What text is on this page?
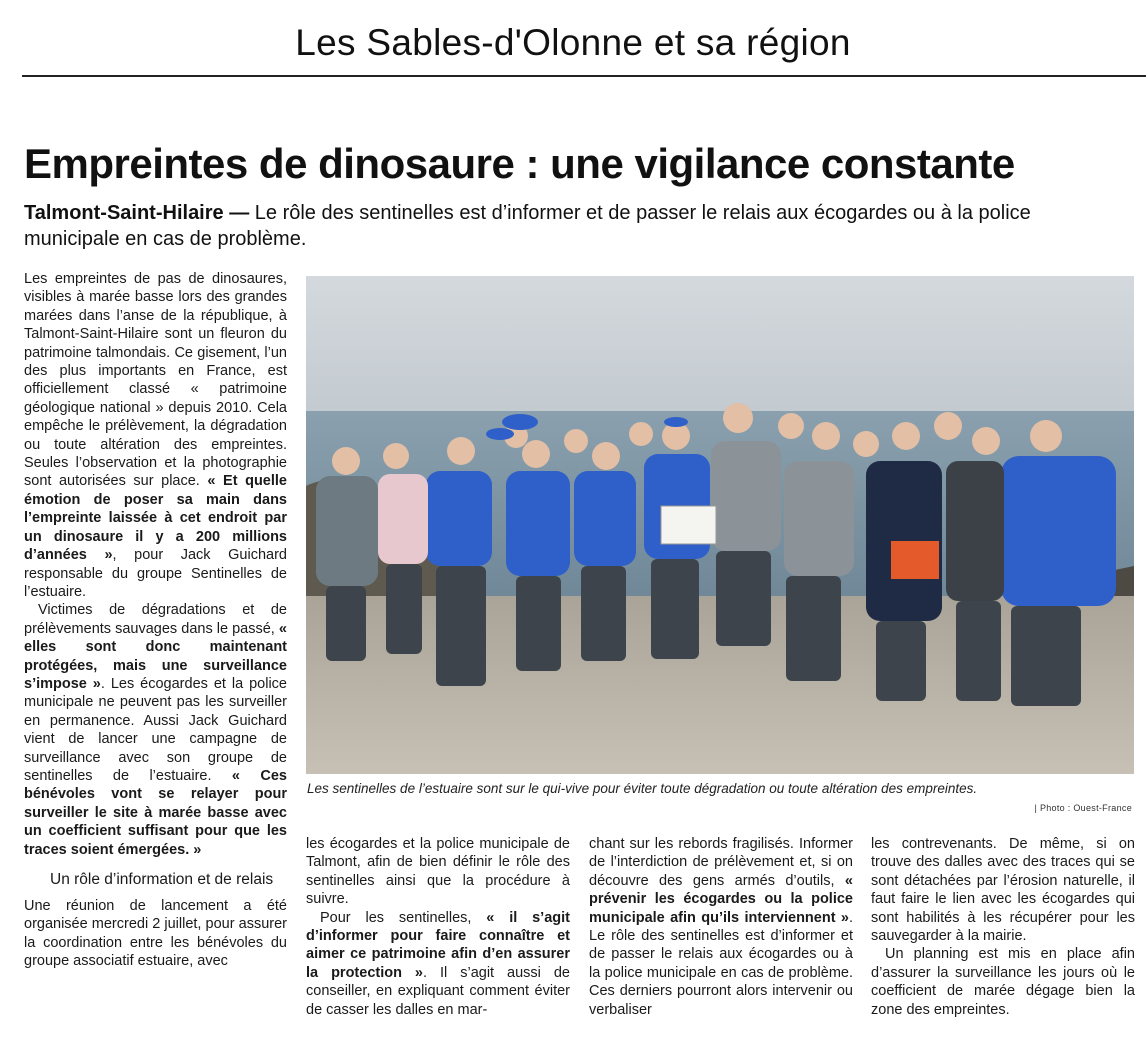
Les Sables-d'Olonne et sa région
Empreintes de dinosaure : une vigilance constante
Talmont-Saint-Hilaire — Le rôle des sentinelles est d’informer et de passer le relais aux écogardes ou à la police municipale en cas de problème.

Les empreintes de pas de dinosaures, visibles à marée basse lors des grandes marées dans l’anse de la république, à Talmont-Saint-Hilaire sont un fleuron du patrimoine talmondais. Ce gisement, l’un des plus importants en France, est officiellement classé « patrimoine géologique national » depuis 2010. Cela empêche le prélèvement, la dégradation ou toute altération des empreintes. Seules l’observation et la photographie sont autorisées sur place. « Et quelle émotion de poser sa main dans l’empreinte laissée à cet endroit par un dinosaure il y a 200 millions d’années », pour Jack Guichard responsable du groupe Sentinelles de l’estuaire.

Victimes de dégradations et de prélèvements sauvages dans le passé, « elles sont donc maintenant protégées, mais une surveillance s’impose ». Les écogardes et la police municipale ne peuvent pas les surveiller en permanence. Aussi Jack Guichard vient de lancer une campagne de surveillance avec son groupe de sentinelles de l’estuaire. « Ces bénévoles vont se relayer pour surveiller le site à marée basse avec un coefficient suffisant pour que les traces soient émergées. »

Un rôle d’information et de relais

Une réunion de lancement a été organisée mercredi 2 juillet, pour assurer la coordination entre les bénévoles du groupe associatif estuaire, avec

Les sentinelles de l’estuaire sont sur le qui-vive pour éviter toute dégradation ou toute altération des empreintes.
| Photo : Ouest-France

les écogardes et la police municipale de Talmont, afin de bien définir le rôle des sentinelles ainsi que la procédure à suivre.

Pour les sentinelles, « il s’agit d’informer pour faire connaître et aimer ce patrimoine afin d’en assurer la protection ». Il s’agit aussi de conseiller, en expliquant comment éviter de casser les dalles en mar-

chant sur les rebords fragilisés. Informer de l’interdiction de prélèvement et, si on découvre des gens armés d’outils, « prévenir les écogardes ou la police municipale afin qu’ils interviennent ». Le rôle des sentinelles est d’informer et de passer le relais aux écogardes ou à la police municipale en cas de problème. Ces derniers pourront alors intervenir ou verbaliser

les contrevenants. De même, si on trouve des dalles avec des traces qui se sont détachées par l’érosion naturelle, il faut faire le lien avec les écogardes qui sont habilités à les récupérer pour les sauvegarder à la mairie.

Un planning est mis en place afin d’assurer la surveillance les jours où le coefficient de marée dégage bien la zone des empreintes.
